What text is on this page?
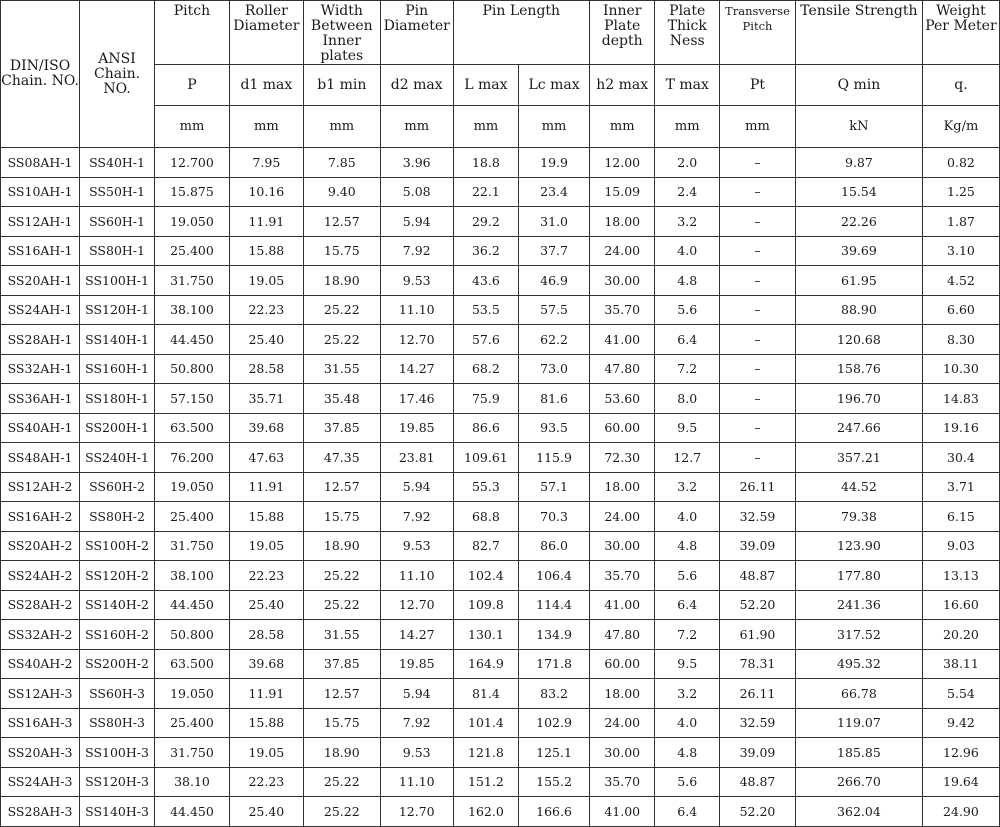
DIN/ISO Chain. NO.	ANSI Chain. NO.	Pitch	Roller Diameter	Width Between Inner plates	Pin Diameter	Pin Length		Inner Plate depth	Plate Thick Ness	Transverse Pitch	Tensile Strength	Weight Per Meter
		P	d1 max	b1 min	d2 max	L max	Lc max	h2 max	T max	Pt	Q min	q.
		mm	mm	mm	mm	mm	mm	mm	mm	mm	kN	Kg/m
SS08AH-1	SS40H-1	12.700	7.95	7.85	3.96	18.8	19.9	12.00	2.0	–	9.87	0.82
SS10AH-1	SS50H-1	15.875	10.16	9.40	5.08	22.1	23.4	15.09	2.4	–	15.54	1.25
SS12AH-1	SS60H-1	19.050	11.91	12.57	5.94	29.2	31.0	18.00	3.2	–	22.26	1.87
SS16AH-1	SS80H-1	25.400	15.88	15.75	7.92	36.2	37.7	24.00	4.0	–	39.69	3.10
SS20AH-1	SS100H-1	31.750	19.05	18.90	9.53	43.6	46.9	30.00	4.8	–	61.95	4.52
SS24AH-1	SS120H-1	38.100	22.23	25.22	11.10	53.5	57.5	35.70	5.6	–	88.90	6.60
SS28AH-1	SS140H-1	44.450	25.40	25.22	12.70	57.6	62.2	41.00	6.4	–	120.68	8.30
SS32AH-1	SS160H-1	50.800	28.58	31.55	14.27	68.2	73.0	47.80	7.2	–	158.76	10.30
SS36AH-1	SS180H-1	57.150	35.71	35.48	17.46	75.9	81.6	53.60	8.0	–	196.70	14.83
SS40AH-1	SS200H-1	63.500	39.68	37.85	19.85	86.6	93.5	60.00	9.5	–	247.66	19.16
SS48AH-1	SS240H-1	76.200	47.63	47.35	23.81	109.61	115.9	72.30	12.7	–	357.21	30.4
SS12AH-2	SS60H-2	19.050	11.91	12.57	5.94	55.3	57.1	18.00	3.2	26.11	44.52	3.71
SS16AH-2	SS80H-2	25.400	15.88	15.75	7.92	68.8	70.3	24.00	4.0	32.59	79.38	6.15
SS20AH-2	SS100H-2	31.750	19.05	18.90	9.53	82.7	86.0	30.00	4.8	39.09	123.90	9.03
SS24AH-2	SS120H-2	38.100	22.23	25.22	11.10	102.4	106.4	35.70	5.6	48.87	177.80	13.13
SS28AH-2	SS140H-2	44.450	25.40	25.22	12.70	109.8	114.4	41.00	6.4	52.20	241.36	16.60
SS32AH-2	SS160H-2	50.800	28.58	31.55	14.27	130.1	134.9	47.80	7.2	61.90	317.52	20.20
SS40AH-2	SS200H-2	63.500	39.68	37.85	19.85	164.9	171.8	60.00	9.5	78.31	495.32	38.11
SS12AH-3	SS60H-3	19.050	11.91	12.57	5.94	81.4	83.2	18.00	3.2	26.11	66.78	5.54
SS16AH-3	SS80H-3	25.400	15.88	15.75	7.92	101.4	102.9	24.00	4.0	32.59	119.07	9.42
SS20AH-3	SS100H-3	31.750	19.05	18.90	9.53	121.8	125.1	30.00	4.8	39.09	185.85	12.96
SS24AH-3	SS120H-3	38.10	22.23	25.22	11.10	151.2	155.2	35.70	5.6	48.87	266.70	19.64
SS28AH-3	SS140H-3	44.450	25.40	25.22	12.70	162.0	166.6	41.00	6.4	52.20	362.04	24.90
